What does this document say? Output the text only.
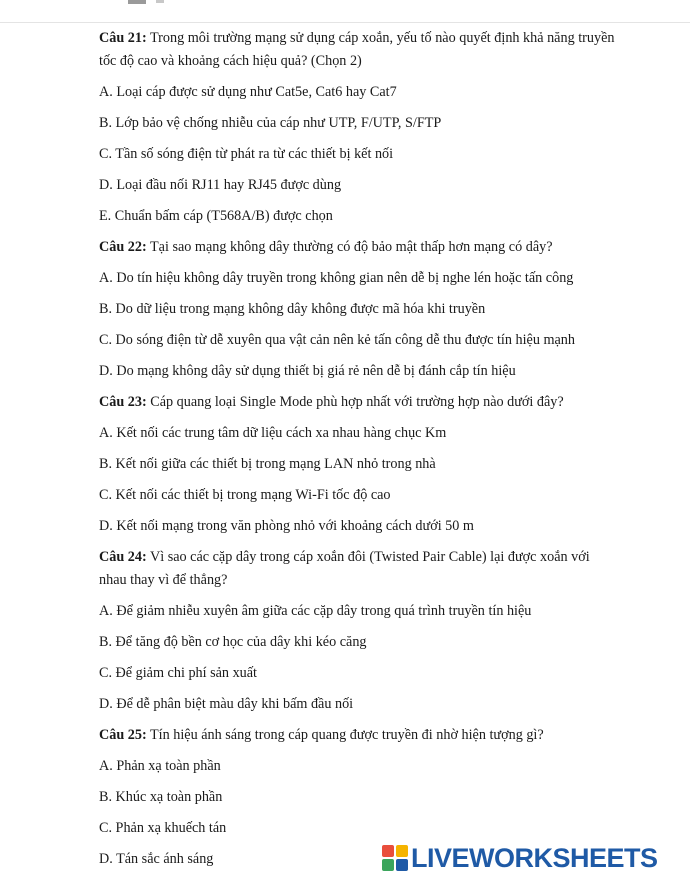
Câu 21: Trong môi trường mạng sử dụng cáp xoắn, yếu tố nào quyết định khả năng truyền tốc độ cao và khoảng cách hiệu quả? (Chọn 2)
A. Loại cáp được sử dụng như Cat5e, Cat6 hay Cat7
B. Lớp bảo vệ chống nhiễu của cáp như UTP, F/UTP, S/FTP
C. Tần số sóng điện từ phát ra từ các thiết bị kết nối
D. Loại đầu nối RJ11 hay RJ45 được dùng
E. Chuẩn bấm cáp (T568A/B) được chọn
Câu 22: Tại sao mạng không dây thường có độ bảo mật thấp hơn mạng có dây?
A. Do tín hiệu không dây truyền trong không gian nên dễ bị nghe lén hoặc tấn công
B. Do dữ liệu trong mạng không dây không được mã hóa khi truyền
C. Do sóng điện từ dễ xuyên qua vật cản nên kẻ tấn công dễ thu được tín hiệu mạnh
D. Do mạng không dây sử dụng thiết bị giá rẻ nên dễ bị đánh cắp tín hiệu
Câu 23: Cáp quang loại Single Mode phù hợp nhất với trường hợp nào dưới đây?
A. Kết nối các trung tâm dữ liệu cách xa nhau hàng chục Km
B. Kết nối giữa các thiết bị trong mạng LAN nhỏ trong nhà
C. Kết nối các thiết bị trong mạng Wi-Fi tốc độ cao
D. Kết nối mạng trong văn phòng nhỏ với khoảng cách dưới 50 m
Câu 24: Vì sao các cặp dây trong cáp xoắn đôi (Twisted Pair Cable) lại được xoắn với nhau thay vì để thẳng?
A. Để giảm nhiễu xuyên âm giữa các cặp dây trong quá trình truyền tín hiệu
B. Để tăng độ bền cơ học của dây khi kéo căng
C. Để giảm chi phí sản xuất
D. Để dễ phân biệt màu dây khi bấm đầu nối
Câu 25: Tín hiệu ánh sáng trong cáp quang được truyền đi nhờ hiện tượng gì?
A. Phản xạ toàn phần
B. Khúc xạ toàn phần
C. Phản xạ khuếch tán
D. Tán sắc ánh sáng	LIVEWORKSHEETS
